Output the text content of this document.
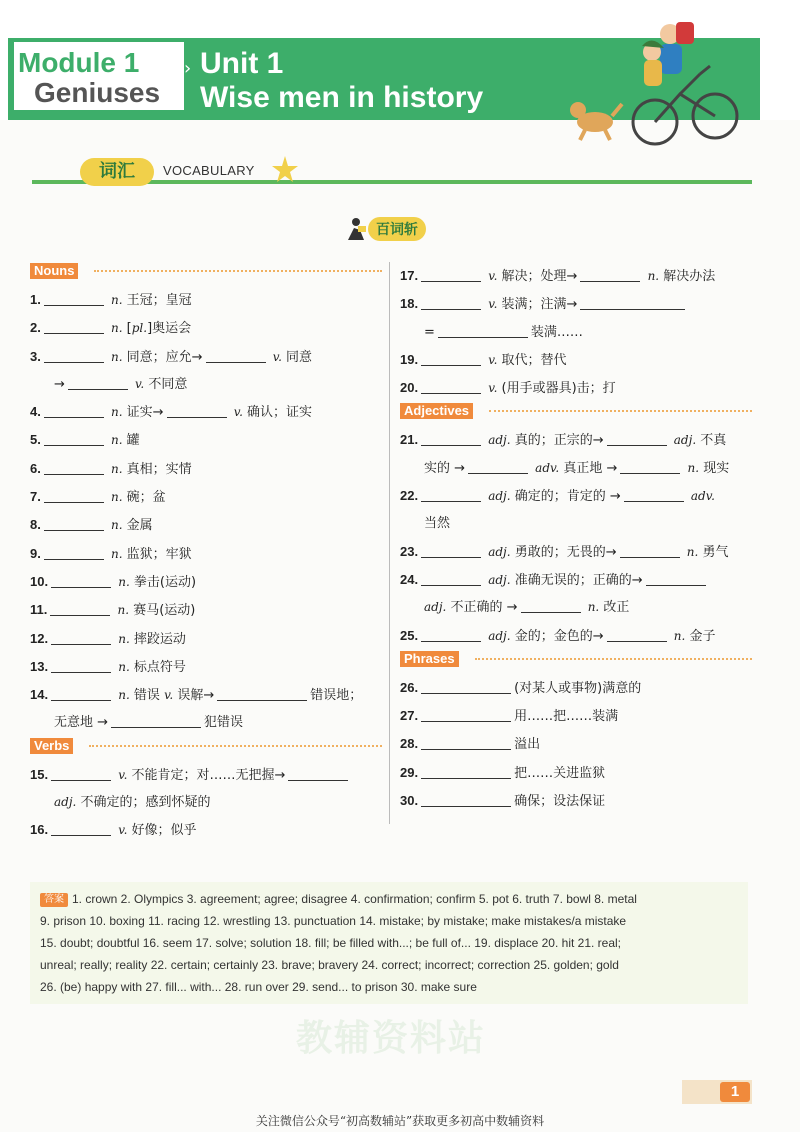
Module 1
Geniuses
› Unit 1
Wise men in history
词汇	VOCABULARY
百词斩
Nouns
1.	n. 王冠；皇冠
2.	n. [pl.]奥运会
3.	n. 同意；应允→	v. 同意
→	v. 不同意
4.	n. 证实→	v. 确认；证实
5.	n. 罐
6.	n. 真相；实情
7.	n. 碗；盆
8.	n. 金属
9.	n. 监狱；牢狱
10.	n. 拳击(运动)
11.	n. 赛马(运动)
12.	n. 摔跤运动
13.	n. 标点符号
14.	n. 错误 v. 误解→	错误地；
无意地 →	犯错误
Verbs
15.	v. 不能肯定；对……无把握→
adj. 不确定的；感到怀疑的
16.	v. 好像；似乎
17.	v. 解决；处理→	n. 解决办法
18.	v. 装满；注满→
=	装满……
19.	v. 取代；替代
20.	v. (用手或器具)击；打
Adjectives
21.	adj. 真的；正宗的→	adj. 不真
实的 →	adv. 真正地 →	n. 现实
22.	adj. 确定的；肯定的 →	adv.
当然
23.	adj. 勇敢的；无畏的→	n. 勇气
24.	adj. 准确无误的；正确的→
adj. 不正确的 →	n. 改正
25.	adj. 金的；金色的→	n. 金子
Phrases
26.	(对某人或事物)满意的
27.	用……把……装满
28.	溢出
29.	把……关进监狱
30.	确保；设法保证
答案 1. crown 2. Olympics 3. agreement; agree; disagree 4. confirmation; confirm 5. pot 6. truth 7. bowl 8. metal
9. prison 10. boxing 11. racing 12. wrestling 13. punctuation 14. mistake; by mistake; make mistakes/a mistake
15. doubt; doubtful 16. seem 17. solve; solution 18. fill; be filled with...; be full of... 19. displace 20. hit 21. real;
unreal; really; reality 22. certain; certainly 23. brave; bravery 24. correct; incorrect; correction 25. golden; gold
26. (be) happy with 27. fill... with... 28. run over 29. send... to prison 30. make sure
教辅资料站
1
关注微信公众号“初高数辅站”获取更多初高中数辅资料
